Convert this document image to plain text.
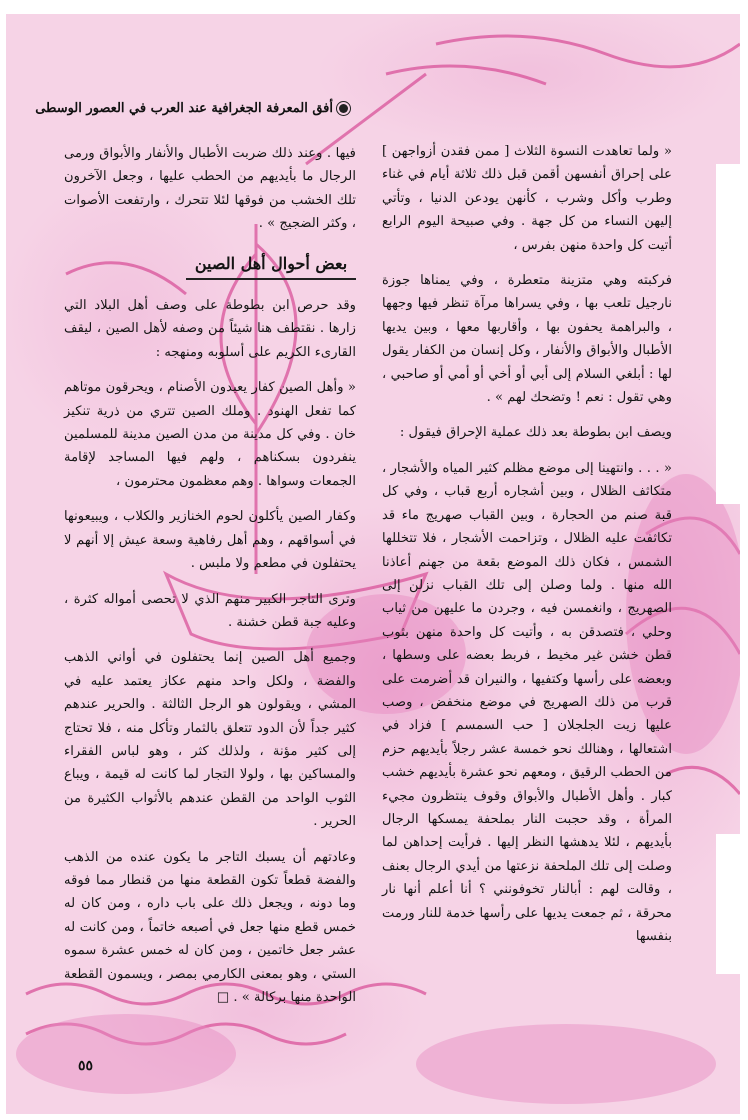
أفق المعرفة الجغرافية عند العرب في العصور الوسطى

« ولما تعاهدت النسوة الثلاث [ ممن فقدن أزواجهن ] على إحراق أنفسهن أقمن قبل ذلك ثلاثة أيام في غناء وطرب وأكل وشرب ، كأنهن يودعن الدنيا ، وتأتي إليهن النساء من كل جهة . وفي صبيحة اليوم الرابع أتيت كل واحدة منهن بفرس ،

فركبته وهي متزينة متعطرة ، وفي يمناها جوزة نارجيل تلعب بها ، وفي يسراها مرآة تنظر فيها وجهها ، والبراهمة يحفون بها ، وأقاربها معها ، وبين يديها الأطبال والأبواق والأنفار ، وكل إنسان من الكفار يقول لها : أبلغي السلام إلى أبي أو أخي أو أمي أو صاحبي ، وهي تقول : نعم ! وتضحك لهم » .

ويصف ابن بطوطة بعد ذلك عملية الإحراق فيقول :

« . . . وانتهينا إلى موضع مظلم كثير المياه والأشجار ، متكاثف الظلال ، وبين أشجاره أربع قباب ، وفي كل قبة صنم من الحجارة ، وبين القباب صهريج ماء قد تكاثفت عليه الظلال ، وتزاحمت الأشجار ، فلا تتخللها الشمس ، فكان ذلك الموضع بقعة من جهنم أعاذنا الله منها . ولما وصلن إلى تلك القباب نزلن إلى الصهريج ، وانغمسن فيه ، وجردن ما عليهن من ثياب وحلي ، فتصدقن به ، وأتيت كل واحدة منهن بثوب قطن خشن غير مخيط ، فربط بعضه على وسطها ، وبعضه على رأسها وكتفيها ، والنيران قد أضرمت على قرب من ذلك الصهريج في موضع منخفض ، وصب عليها زيت الجلجلان [ حب السمسم ] فزاد في اشتعالها ، وهنالك نحو خمسة عشر رجلاً بأيديهم حزم من الحطب الرقيق ، ومعهم نحو عشرة بأيديهم خشب كبار . وأهل الأطبال والأبواق وقوف ينتظرون مجيء المرأة ، وقد حجبت النار بملحفة يمسكها الرجال بأيديهم ، لئلا يدهشها النظر إليها . فرأيت إحداهن لما وصلت إلى تلك الملحفة نزعتها من أيدي الرجال بعنف ، وقالت لهم : أبالنار تخوفونني ؟ أنا أعلم أنها نار محرقة ، ثم جمعت يديها على رأسها خدمة للنار ورمت بنفسها

فيها . وعند ذلك ضربت الأطبال والأنفار والأبواق ورمى الرجال ما بأيديهم من الحطب عليها ، وجعل الآخرون تلك الخشب من فوقها لئلا تتحرك ، وارتفعت الأصوات ، وكثر الضجيج » .

بعض أحوال أهل الصين

وقد حرص ابن بطوطة على وصف أهل البلاد التي زارها . نقتطف هنا شيئاً من وصفه لأهل الصين ، ليقف القارىء الكريم على أسلوبه ومنهجه :

« وأهل الصين كفار يعبدون الأصنام ، ويحرقون موتاهم كما تفعل الهنود . وملك الصين تتري من ذرية تنكيز خان . وفي كل مدينة من مدن الصين مدينة للمسلمين ينفردون بسكناهم ، ولهم فيها المساجد لإقامة الجمعات وسواها . وهم معظمون محترمون ،

وكفار الصين يأكلون لحوم الخنازير والكلاب ، ويبيعونها في أسواقهم ، وهم أهل رفاهية وسعة عيش إلا أنهم لا يحتفلون في مطعم ولا ملبس .

وترى التاجر الكبير منهم الذي لا تحصى أمواله كثرة ، وعليه جبة قطن خشنة .

وجميع أهل الصين إنما يحتفلون في أواني الذهب والفضة ، ولكل واحد منهم عكاز يعتمد عليه في المشي ، ويقولون هو الرجل الثالثة . والحرير عندهم كثير جداً لأن الدود تتعلق بالثمار وتأكل منه ، فلا تحتاج إلى كثير مؤنة ، ولذلك كثر ، وهو لباس الفقراء والمساكين بها ، ولولا التجار لما كانت له قيمة ، ويباع الثوب الواحد من القطن عندهم بالأثواب الكثيرة من الحرير .

وعادتهم أن يسبك التاجر ما يكون عنده من الذهب والفضة قطعاً تكون القطعة منها من قنطار مما فوقه وما دونه ، ويجعل ذلك على باب داره ، ومن كان له خمس قطع منها جعل في أصبعه خاتماً ، ومن كانت له عشر جعل خاتمين ، ومن كان له خمس عشرة سموه الستي ، وهو بمعنى الكارمي بمصر ، ويسمون القطعة الواحدة منها بركالة » . □

٥٥
